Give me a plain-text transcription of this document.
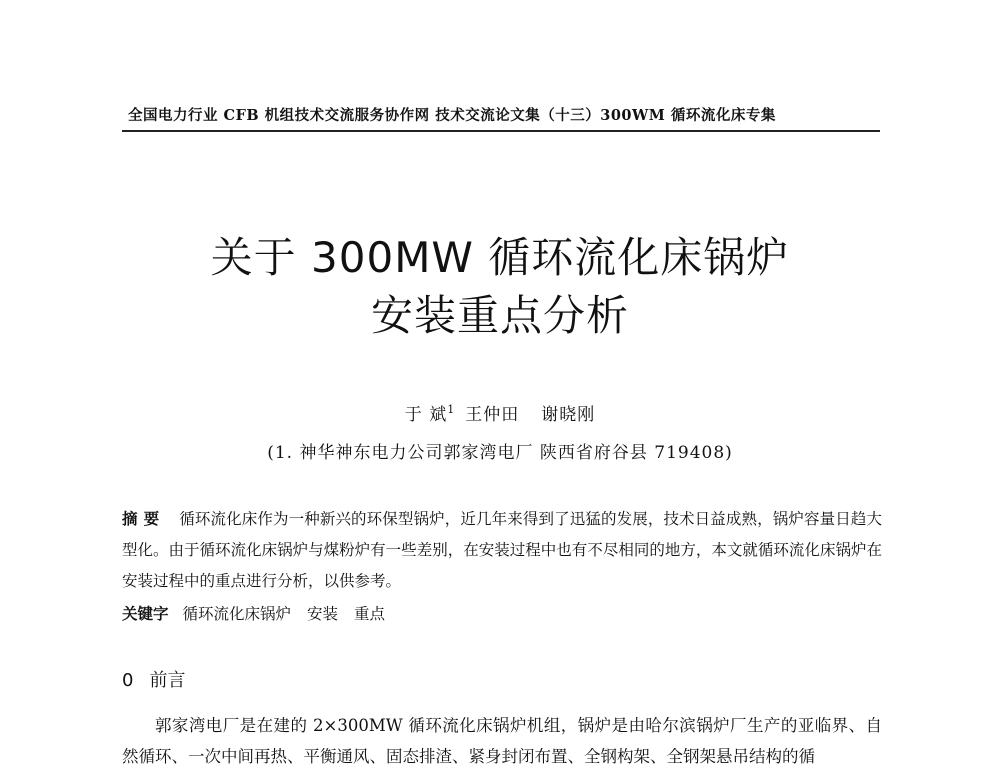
全国电力行业 CFB 机组技术交流服务协作网 技术交流论文集（十三）300WM 循环流化床专集
关于 300MW 循环流化床锅炉
安装重点分析
于 斌$^1$ 王仲田 谢晓刚
(1. 神华神东电力公司郭家湾电厂 陕西省府谷县 719408)
摘要 循环流化床作为一种新兴的环保型锅炉，近几年来得到了迅猛的发展，技术日益成熟，锅炉容量日趋大型化。由于循环流化床锅炉与煤粉炉有一些差别，在安装过程中也有不尽相同的地方，本文就循环流化床锅炉在安装过程中的重点进行分析，以供参考。
关键字 循环流化床锅炉 安装 重点
0 前言
郭家湾电厂是在建的 2×300MW 循环流化床锅炉机组，锅炉是由哈尔滨锅炉厂生产的亚临界、自然循环、一次中间再热、平衡通风、固态排渣、紧身封闭布置、全钢构架、全钢架悬吊结构的循
